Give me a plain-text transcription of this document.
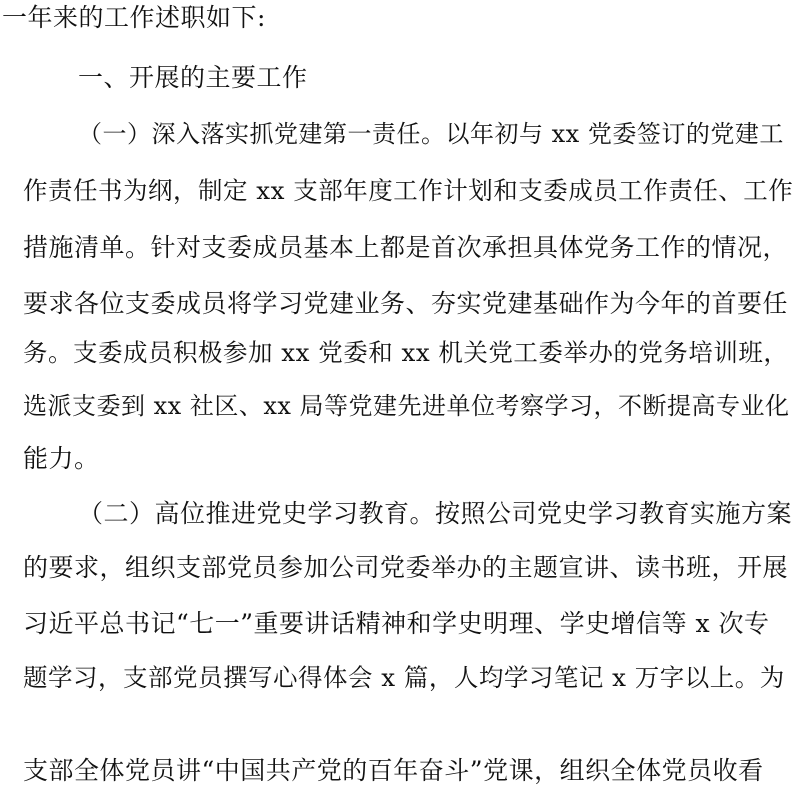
一年来的工作述职如下:

一、开展的主要工作

（一）深入落实抓党建第一责任。以年初与 xx 党委签订的党建工

作责任书为纲，制定 xx 支部年度工作计划和支委成员工作责任、工作

措施清单。针对支委成员基本上都是首次承担具体党务工作的情况，

要求各位支委成员将学习党建业务、夯实党建基础作为今年的首要任

务。支委成员积极参加 xx 党委和 xx 机关党工委举办的党务培训班，

选派支委到 xx 社区、xx 局等党建先进单位考察学习，不断提高专业化

能力。

（二）高位推进党史学习教育。按照公司党史学习教育实施方案

的要求，组织支部党员参加公司党委举办的主题宣讲、读书班，开展

习近平总书记“七一”重要讲话精神和学史明理、学史增信等 x 次专

题学习，支部党员撰写心得体会 x 篇，人均学习笔记 x 万字以上。为

支部全体党员讲“中国共产党的百年奋斗”党课，组织全体党员收看
